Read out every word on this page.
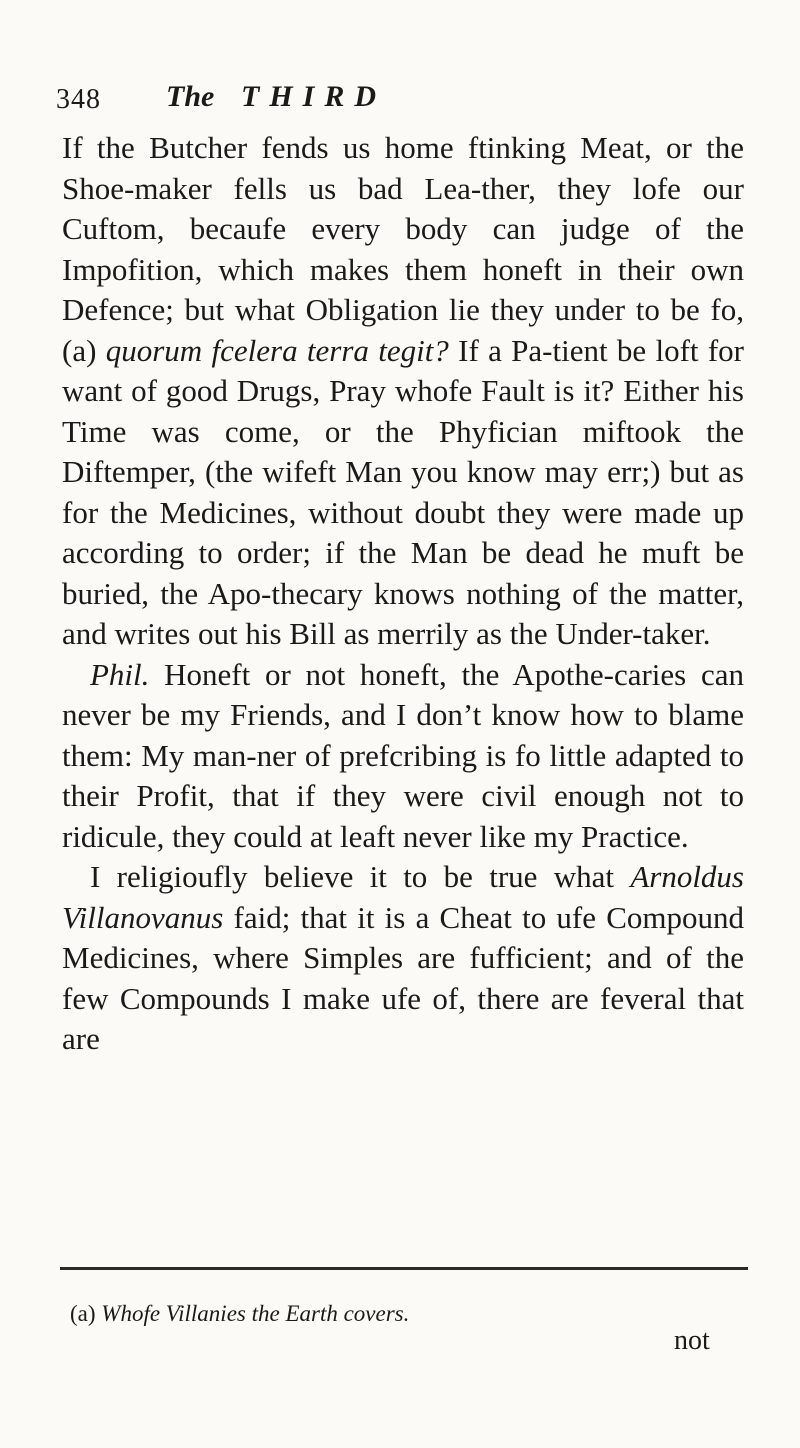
348 The THIRD

If the Butcher fends us home ftinking Meat, or the Shoe-maker fells us bad Lea-ther, they lofe our Cuftom, becaufe every body can judge of the Impofition, which makes them honeft in their own Defence; but what Obligation lie they under to be fo, (a) quorum fcelera terra tegit? If a Pa-tient be loft for want of good Drugs, Pray whofe Fault is it? Either his Time was come, or the Phyfician miftook the Diftemper, (the wifeft Man you know may err;) but as for the Medicines, without doubt they were made up according to order; if the Man be dead he muft be buried, the Apo-thecary knows nothing of the matter, and writes out his Bill as merrily as the Under-taker.

Phil. Honeft or not honeft, the Apothe-caries can never be my Friends, and I don’t know how to blame them: My man-ner of prefcribing is fo little adapted to their Profit, that if they were civil enough not to ridicule, they could at leaft never like my Practice.

I religioufly believe it to be true what Arnoldus Villanovanus faid; that it is a Cheat to ufe Compound Medicines, where Simples are fufficient; and of the few Compounds I make ufe of, there are feveral that are

(a) Whofe Villanies the Earth covers.
not
